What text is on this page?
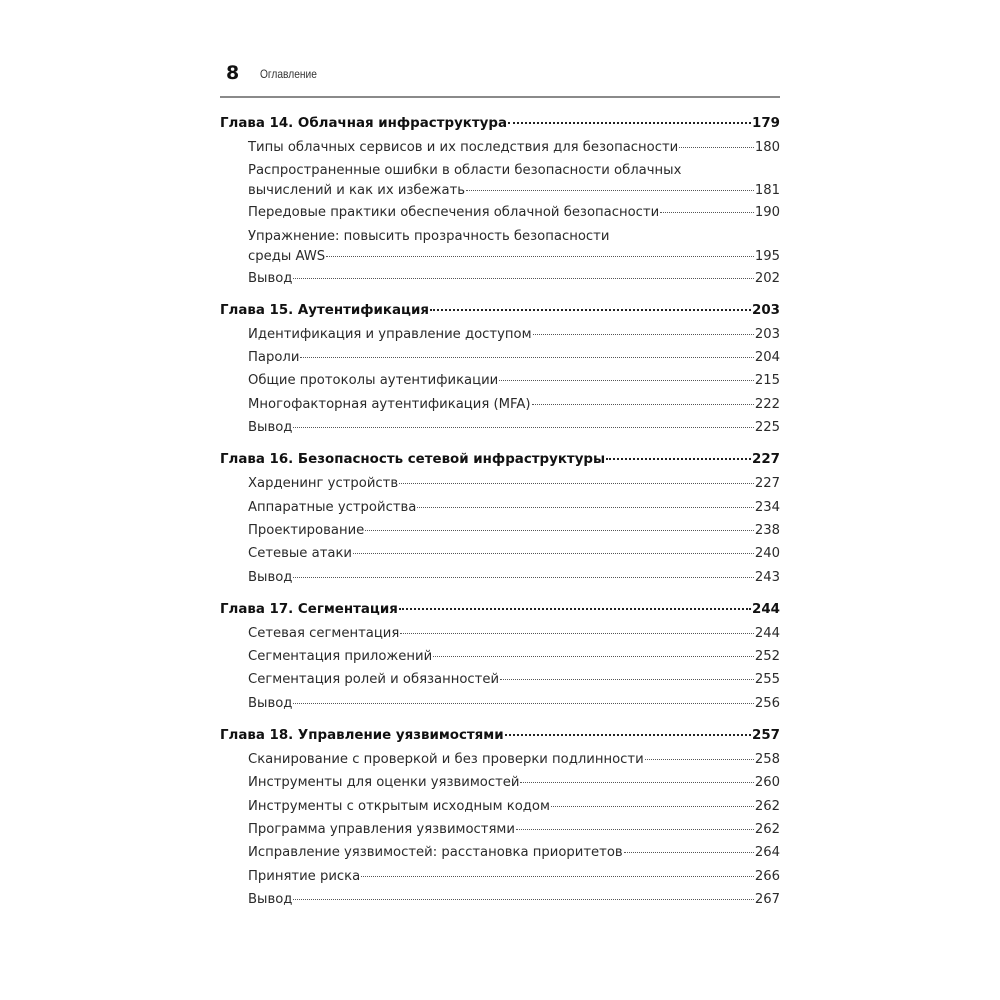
8 Оглавление
Глава 14. Облачная инфраструктура	179
Типы облачных сервисов и их последствия для безопасности	180
Распространенные ошибки в области безопасности облачных
вычислений и как их избежать	181
Передовые практики обеспечения облачной безопасности	190
Упражнение: повысить прозрачность безопасности
среды AWS	195
Вывод	202
Глава 15. Аутентификация	203
Идентификация и управление доступом	203
Пароли	204
Общие протоколы аутентификации	215
Многофакторная аутентификация (MFA)	222
Вывод	225
Глава 16. Безопасность сетевой инфраструктуры	227
Харденинг устройств	227
Аппаратные устройства	234
Проектирование	238
Сетевые атаки	240
Вывод	243
Глава 17. Сегментация	244
Сетевая сегментация	244
Сегментация приложений	252
Сегментация ролей и обязанностей	255
Вывод	256
Глава 18. Управление уязвимостями	257
Сканирование с проверкой и без проверки подлинности	258
Инструменты для оценки уязвимостей	260
Инструменты с открытым исходным кодом	262
Программа управления уязвимостями	262
Исправление уязвимостей: расстановка приоритетов	264
Принятие риска	266
Вывод	267
